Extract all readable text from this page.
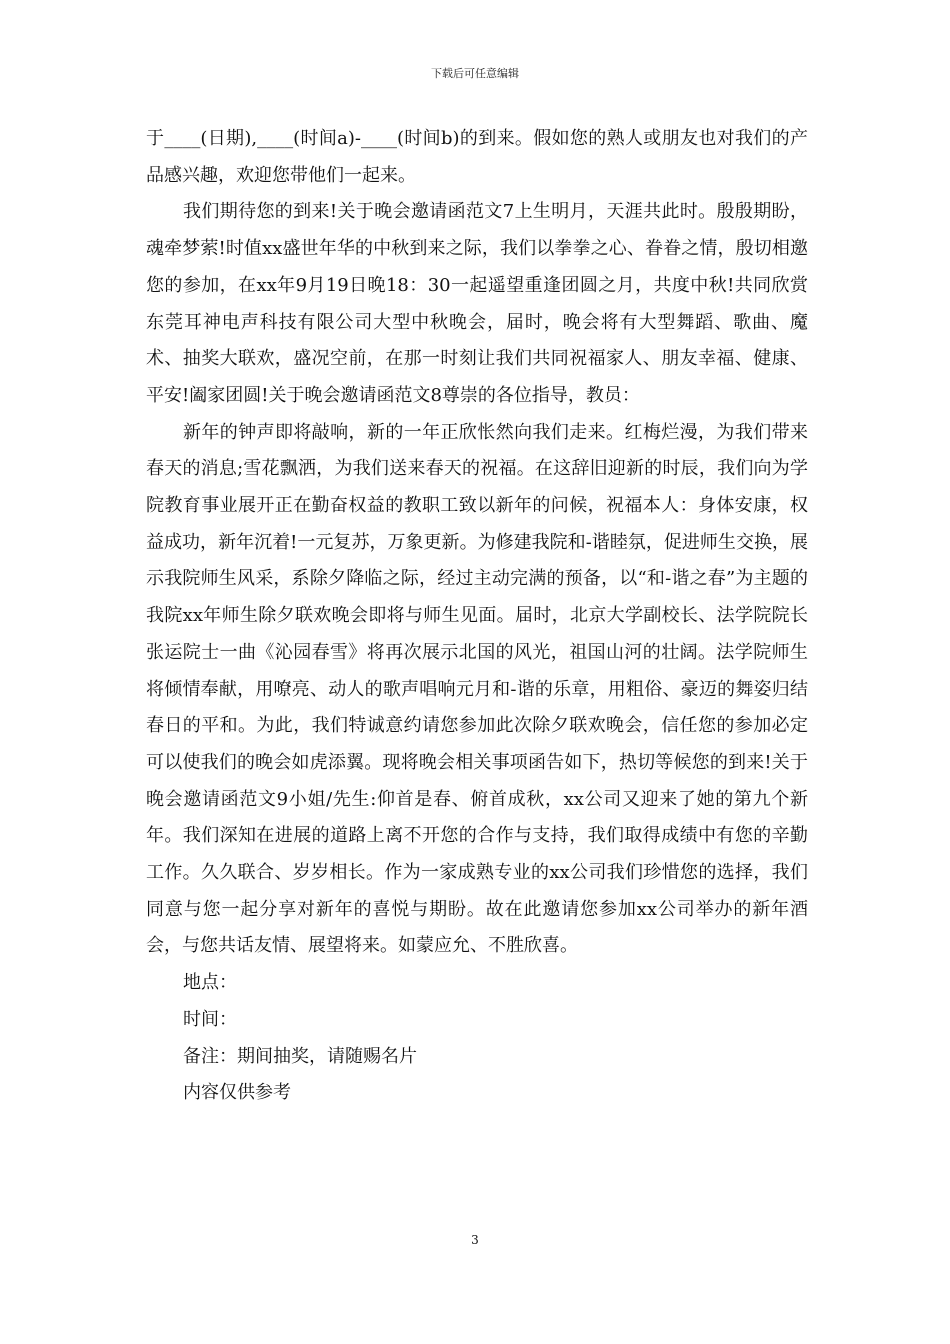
下载后可任意编辑

于____(日期),____(时间a)-____(时间b)的到来。假如您的熟人或朋友也对我们的产品感兴趣，欢迎您带他们一起来。

我们期待您的到来!关于晚会邀请函范文7上生明月，天涯共此时。殷殷期盼，魂牵梦萦!时值xx盛世年华的中秋到来之际，我们以拳拳之心、眷眷之情，殷切相邀您的参加，在xx年9月19日晚18：30一起遥望重逢团圆之月，共度中秋!共同欣赏东莞耳神电声科技有限公司大型中秋晚会，届时，晚会将有大型舞蹈、歌曲、魔术、抽奖大联欢，盛况空前，在那一时刻让我们共同祝福家人、朋友幸福、健康、平安!阖家团圆!关于晚会邀请函范文8尊崇的各位指导，教员：

新年的钟声即将敲响，新的一年正欣怅然向我们走来。红梅烂漫，为我们带来春天的消息;雪花飘洒，为我们送来春天的祝福。在这辞旧迎新的时辰，我们向为学院教育事业展开正在勤奋权益的教职工致以新年的问候，祝福本人：身体安康，权益成功，新年沉着!一元复苏，万象更新。为修建我院和-谐睦氛，促进师生交换，展示我院师生风采，系除夕降临之际，经过主动完满的预备，以“和-谐之春”为主题的我院xx年师生除夕联欢晚会即将与师生见面。届时，北京大学副校长、法学院院长张运院士一曲《沁园春雪》将再次展示北国的风光，祖国山河的壮阔。法学院师生将倾情奉献，用嘹亮、动人的歌声唱响元月和-谐的乐章，用粗俗、豪迈的舞姿归结春日的平和。为此，我们特诚意约请您参加此次除夕联欢晚会，信任您的参加必定可以使我们的晚会如虎添翼。现将晚会相关事项函告如下，热切等候您的到来!关于晚会邀请函范文9小姐/先生:仰首是春、俯首成秋，xx公司又迎来了她的第九个新年。我们深知在进展的道路上离不开您的合作与支持，我们取得成绩中有您的辛勤工作。久久联合、岁岁相长。作为一家成熟专业的xx公司我们珍惜您的选择，我们同意与您一起分享对新年的喜悦与期盼。故在此邀请您参加xx公司举办的新年酒会，与您共话友情、展望将来。如蒙应允、不胜欣喜。

地点：

时间：

备注：期间抽奖，请随赐名片

内容仅供参考

3
